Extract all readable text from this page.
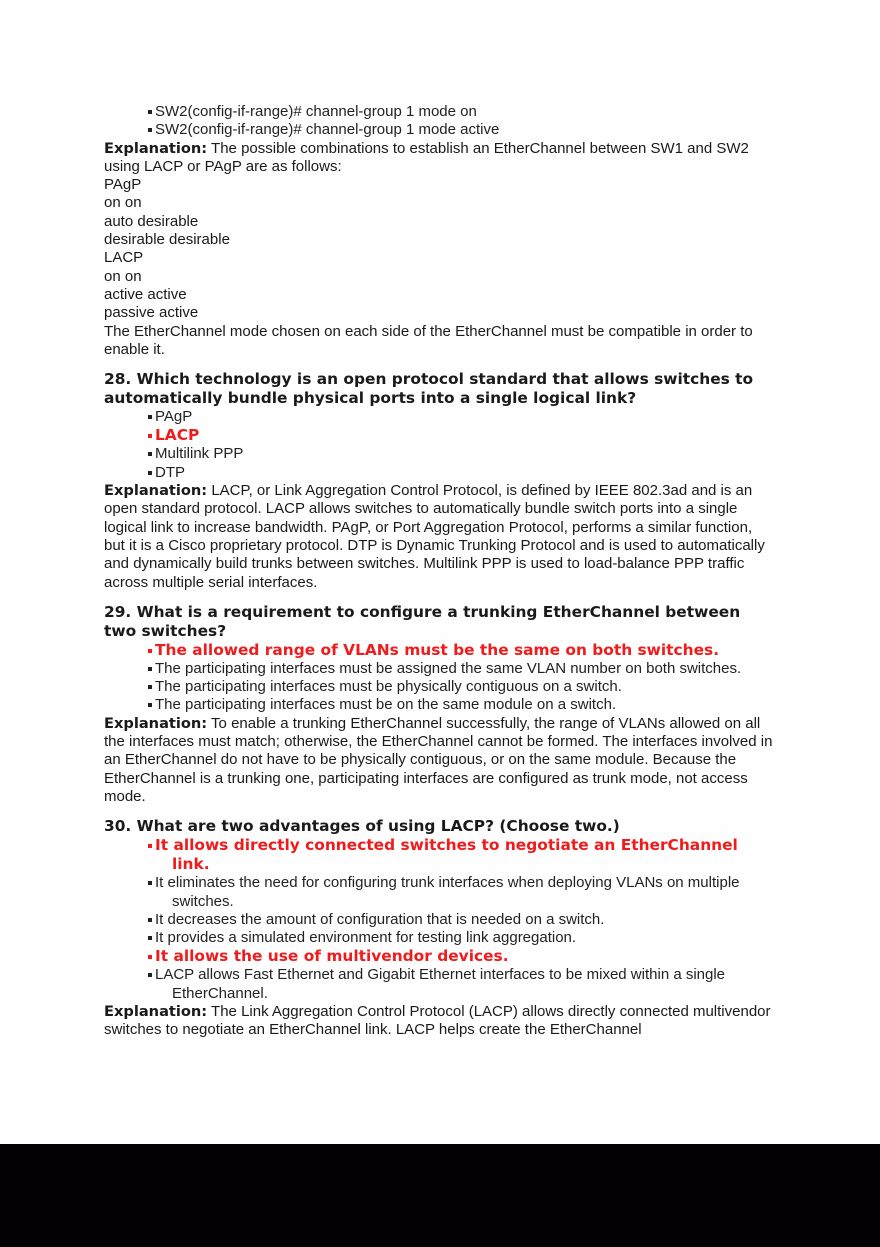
SW2(config-if-range)# channel-group 1 mode on
SW2(config-if-range)# channel-group 1 mode active
Explanation: The possible combinations to establish an EtherChannel between SW1 and SW2 using LACP or PAgP are as follows:
PAgP
on on
auto desirable
desirable desirable
LACP
on on
active active
passive active
The EtherChannel mode chosen on each side of the EtherChannel must be compatible in order to enable it.
28. Which technology is an open protocol standard that allows switches to automatically bundle physical ports into a single logical link?
PAgP
LACP
Multilink PPP
DTP
Explanation: LACP, or Link Aggregation Control Protocol, is defined by IEEE 802.3ad and is an open standard protocol. LACP allows switches to automatically bundle switch ports into a single logical link to increase bandwidth. PAgP, or Port Aggregation Protocol, performs a similar function, but it is a Cisco proprietary protocol. DTP is Dynamic Trunking Protocol and is used to automatically and dynamically build trunks between switches. Multilink PPP is used to load-balance PPP traffic across multiple serial interfaces.
29. What is a requirement to configure a trunking EtherChannel between two switches?
The allowed range of VLANs must be the same on both switches.
The participating interfaces must be assigned the same VLAN number on both switches.
The participating interfaces must be physically contiguous on a switch.
The participating interfaces must be on the same module on a switch.
Explanation: To enable a trunking EtherChannel successfully, the range of VLANs allowed on all the interfaces must match; otherwise, the EtherChannel cannot be formed. The interfaces involved in an EtherChannel do not have to be physically contiguous, or on the same module. Because the EtherChannel is a trunking one, participating interfaces are configured as trunk mode, not access mode.
30. What are two advantages of using LACP? (Choose two.)
It allows directly connected switches to negotiate an EtherChannel link.
It eliminates the need for configuring trunk interfaces when deploying VLANs on multiple switches.
It decreases the amount of configuration that is needed on a switch.
It provides a simulated environment for testing link aggregation.
It allows the use of multivendor devices.
LACP allows Fast Ethernet and Gigabit Ethernet interfaces to be mixed within a single EtherChannel.
Explanation: The Link Aggregation Control Protocol (LACP) allows directly connected multivendor switches to negotiate an EtherChannel link. LACP helps create the EtherChannel
